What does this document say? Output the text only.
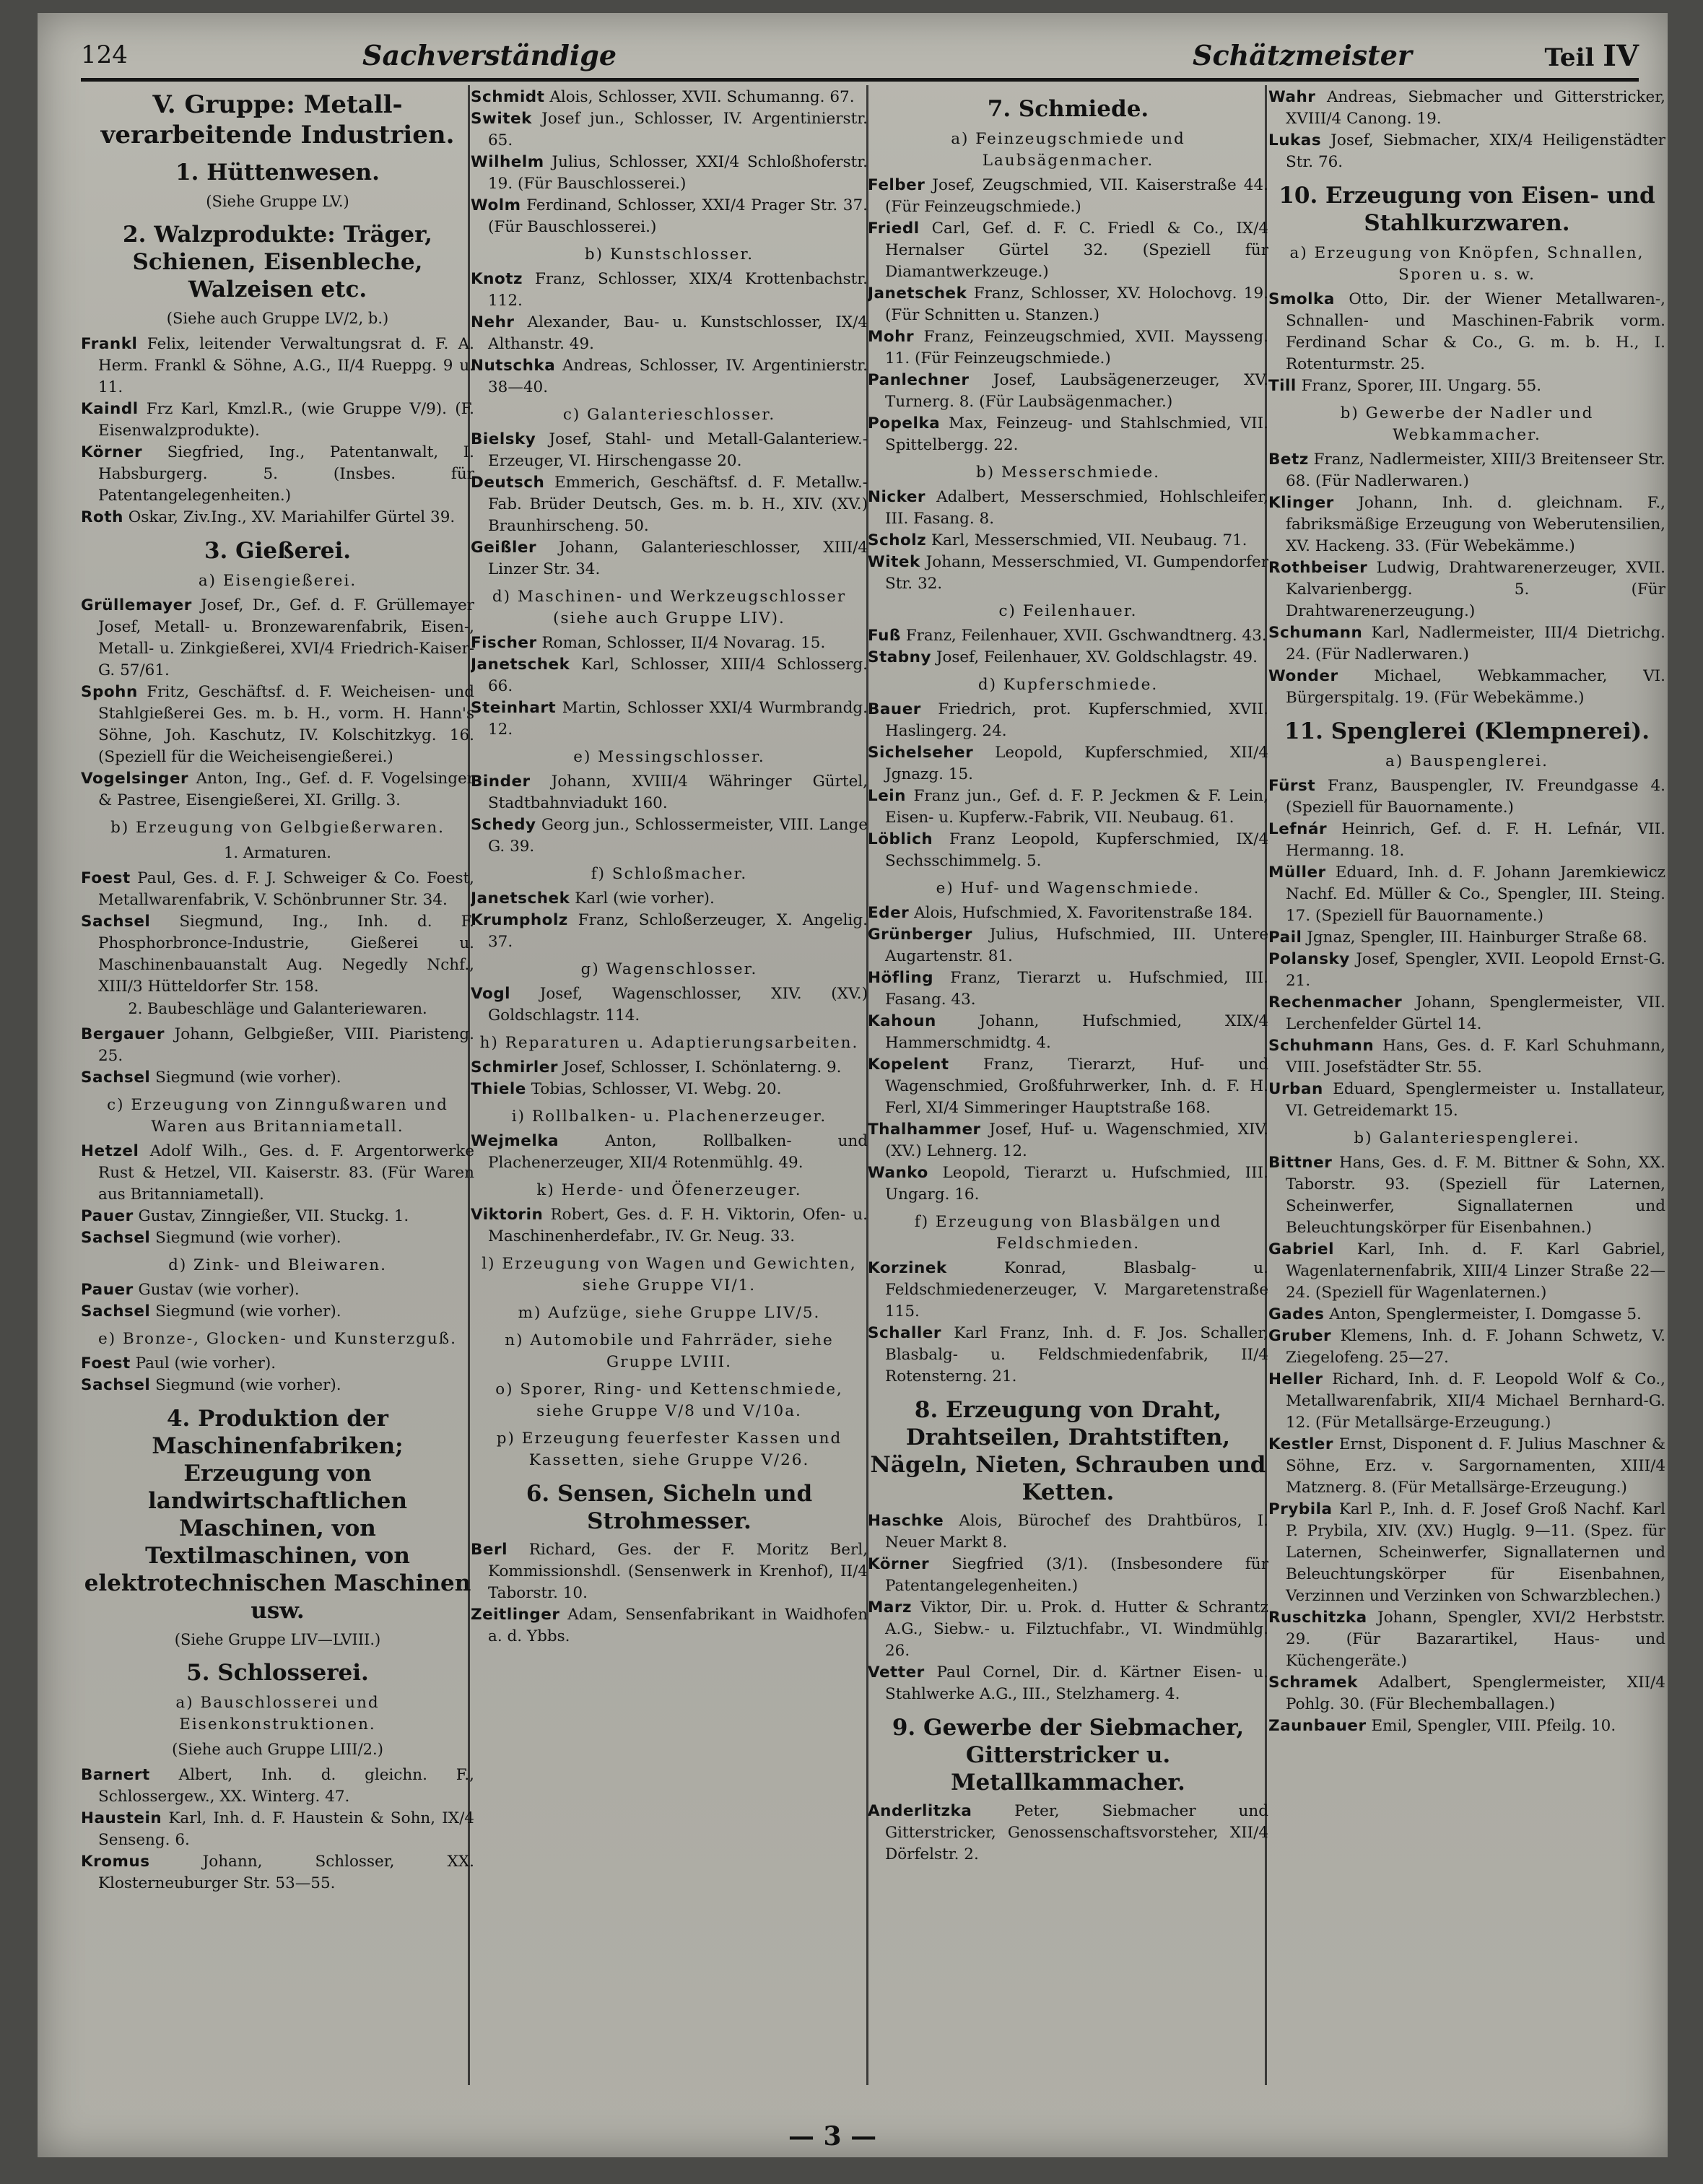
124	Sachverständige	Schätzmeister	Teil IV
V. Gruppe: Metall-verarbeitende Industrien.
1. Hüttenwesen.
(Siehe Gruppe LV.)
2. Walzprodukte: Träger, Schienen, Eisenbleche, Walzeisen etc.
(Siehe auch Gruppe LV/2, b.)
Frankl Felix, leitender Verwaltungsrat d. F. A. Herm. Frankl & Söhne, A.G., II/4 Rueppg. 9 u. 11.
Kaindl Frz Karl, Kmzl.R., (wie Gruppe V/9). (F. Eisenwalzprodukte).
Körner Siegfried, Ing., Patentanwalt, I. Habsburgerg. 5. (Insbes. für Patentangelegenheiten.)
Roth Oskar, Ziv.Ing., XV. Mariahilfer Gürtel 39.
3. Gießerei.
a) Eisengießerei.
Grüllemayer Josef, Dr., Gef. d. F. Grüllemayer Josef, Metall- u. Bronzewarenfabrik, Eisen-, Metall- u. Zinkgießerei, XVI/4 Friedrich-Kaiser-G. 57/61.
Spohn Fritz, Geschäftsf. d. F. Weicheisen- und Stahlgießerei Ges. m. b. H., vorm. H. Hann's Söhne, Joh. Kaschutz, IV. Kolschitzkyg. 16. (Speziell für die Weicheisengießerei.)
Vogelsinger Anton, Ing., Gef. d. F. Vogelsinger & Pastree, Eisengießerei, XI. Grillg. 3.
b) Erzeugung von Gelbgießerwaren.
1. Armaturen.
Foest Paul, Ges. d. F. J. Schweiger & Co. Foest, Metallwarenfabrik, V. Schönbrunner Str. 34.
Sachsel Siegmund, Ing., Inh. d. F. Phosphorbronce-Industrie, Gießerei u. Maschinenbauanstalt Aug. Negedly Nchf., XIII/3 Hütteldorfer Str. 158.
2. Baubeschläge und Galanteriewaren.
Bergauer Johann, Gelbgießer, VIII. Piaristeng. 25.
Sachsel Siegmund (wie vorher).
c) Erzeugung von Zinngußwaren und Waren aus Britanniametall.
Hetzel Adolf Wilh., Ges. d. F. Argentorwerke Rust & Hetzel, VII. Kaiserstr. 83. (Für Waren aus Britanniametall).
Pauer Gustav, Zinngießer, VII. Stuckg. 1.
Sachsel Siegmund (wie vorher).
d) Zink- und Bleiwaren.
Pauer Gustav (wie vorher).
Sachsel Siegmund (wie vorher).
e) Bronze-, Glocken- und Kunsterzguß.
Foest Paul (wie vorher).
Sachsel Siegmund (wie vorher).
4. Produktion der Maschinenfabriken; Erzeugung von landwirtschaftlichen Maschinen, von Textilmaschinen, von elektrotechnischen Maschinen usw.
(Siehe Gruppe LIV—LVIII.)
5. Schlosserei.
a) Bauschlosserei und Eisenkonstruktionen.
(Siehe auch Gruppe LIII/2.)
Barnert Albert, Inh. d. gleichn. F., Schlossergew., XX. Winterg. 47.
Haustein Karl, Inh. d. F. Haustein & Sohn, IX/4 Senseng. 6.
Kromus	Johann, Schlosser, XX. Klosterneuburger Str. 53—55.
Schmidt Alois, Schlosser, XVII. Schumanng. 67.
Switek Josef jun., Schlosser, IV. Argentinierstr. 65.
Wilhelm Julius, Schlosser, XXI/4 Schloßhoferstr. 19. (Für Bauschlosserei.)
Wolm Ferdinand, Schlosser, XXI/4 Prager Str. 37. (Für Bauschlosserei.)
b) Kunstschlosser.
Knotz Franz, Schlosser, XIX/4 Krottenbachstr. 112.
Nehr Alexander, Bau- u. Kunstschlosser, IX/4 Althanstr. 49.
Nutschka Andreas, Schlosser, IV. Argentinierstr. 38—40.
c) Galanterieschlosser.
Bielsky Josef, Stahl- und Metall-Galanteriew.-Erzeuger, VI. Hirschengasse 20.
Deutsch Emmerich, Geschäftsf. d. F. Metallw.-Fab. Brüder Deutsch, Ges. m. b. H., XIV. (XV.) Braunhirscheng. 50.
Geißler Johann, Galanterieschlosser, XIII/4 Linzer Str. 34.
d) Maschinen- und Werkzeugschlosser (siehe auch Gruppe LIV).
Fischer Roman, Schlosser, II/4 Novarag. 15.
Janetschek Karl, Schlosser, XIII/4 Schlosserg. 66.
Steinhart Martin, Schlosser XXI/4 Wurmbrandg. 12.
e) Messingschlosser.
Binder Johann, XVIII/4 Währinger Gürtel, Stadtbahnviadukt 160.
Schedy Georg jun., Schlossermeister, VIII. Lange G. 39.
f) Schloßmacher.
Janetschek Karl (wie vorher).
Krumpholz Franz, Schloßerzeuger, X. Angelig. 37.
g) Wagenschlosser.
Vogl Josef, Wagenschlosser, XIV. (XV.) Goldschlagstr. 114.
h) Reparaturen u. Adaptierungsarbeiten.
Schmirler Josef, Schlosser, I. Schönlaterng. 9.
Thiele Tobias, Schlosser, VI. Webg. 20.
i) Rollbalken- u. Plachenerzeuger.
Wejmelka	Anton, Rollbalken- und Plachenerzeuger, XII/4 Rotenmühlg. 49.
k) Herde- und Öfenerzeuger.
Viktorin Robert, Ges. d. F. H. Viktorin, Ofen- u. Maschinenherdefabr., IV. Gr. Neug. 33.
l) Erzeugung von Wagen und Gewichten, siehe Gruppe VI/1.
m) Aufzüge, siehe Gruppe LIV/5.
n) Automobile und Fahrräder, siehe Gruppe LVIII.
o) Sporer, Ring- und Kettenschmiede, siehe Gruppe V/8 und V/10a.
p) Erzeugung feuerfester Kassen und Kassetten, siehe Gruppe V/26.
6. Sensen, Sicheln und Strohmesser.
Berl Richard, Ges. der F. Moritz Berl, Kommissionshdl. (Sensenwerk in Krenhof), II/4 Taborstr. 10.
Zeitlinger Adam, Sensenfabrikant in Waidhofen a. d. Ybbs.
7. Schmiede.
a) Feinzeugschmiede und Laubsägenmacher.
Felber Josef, Zeugschmied, VII. Kaiserstraße 44. (Für Feinzeugschmiede.)
Friedl Carl, Gef. d. F. C. Friedl & Co., IX/4 Hernalser Gürtel 32. (Speziell für Diamantwerkzeuge.)
Janetschek Franz, Schlosser, XV. Holochovg. 19. (Für Schnitten u. Stanzen.)
Mohr Franz, Feinzeugschmied, XVII. Maysseng. 11. (Für Feinzeugschmiede.)
Panlechner Josef, Laubsägenerzeuger, XV. Turnerg. 8. (Für Laubsägenmacher.)
Popelka Max, Feinzeug- und Stahlschmied, VII. Spittelbergg. 22.
b) Messerschmiede.
Nicker Adalbert, Messerschmied, Hohlschleifer, III. Fasang. 8.
Scholz Karl, Messerschmied, VII. Neubaug. 71.
Witek Johann, Messerschmied, VI. Gumpendorfer Str. 32.
c) Feilenhauer.
Fuß Franz, Feilenhauer, XVII. Gschwandtnerg. 43.
Stabny Josef, Feilenhauer, XV. Goldschlagstr. 49.
d) Kupferschmiede.
Bauer Friedrich, prot. Kupferschmied, XVII. Haslingerg. 24.
Sichelseher Leopold, Kupferschmied, XII/4 Jgnazg. 15.
Lein Franz jun., Gef. d. F. P. Jeckmen & F. Lein, Eisen- u. Kupferw.-Fabrik, VII. Neubaug. 61.
Löblich Franz Leopold, Kupferschmied, IX/4 Sechsschimmelg. 5.
e) Huf- und Wagenschmiede.
Eder Alois, Hufschmied, X. Favoritenstraße 184.
Grünberger Julius, Hufschmied, III. Untere Augartenstr. 81.
Höfling Franz, Tierarzt u. Hufschmied, III. Fasang. 43.
Kahoun	Johann, Hufschmied, XIX/4 Hammerschmidtg. 4.
Kopelent Franz, Tierarzt, Huf- und Wagenschmied, Großfuhrwerker, Inh. d. F. H. Ferl, XI/4 Simmeringer Hauptstraße 168.
Thalhammer Josef, Huf- u. Wagenschmied, XIV. (XV.) Lehnerg. 12.
Wanko Leopold, Tierarzt u. Hufschmied, III. Ungarg. 16.
f) Erzeugung von Blasbälgen und Feldschmieden.
Korzinek	Konrad, Blasbalg- u. Feldschmiedenerzeuger, V. Margaretenstraße 115.
Schaller Karl Franz, Inh. d. F. Jos. Schaller, Blasbalg- u. Feldschmiedenfabrik, II/4 Rotensterng. 21.
8. Erzeugung von Draht, Drahtseilen, Drahtstiften, Nägeln, Nieten, Schrauben und Ketten.
Haschke Alois, Bürochef des Drahtbüros, I. Neuer Markt 8.
Körner Siegfried (3/1). (Insbesondere für Patentangelegenheiten.)
Marz Viktor, Dir. u. Prok. d. Hutter & Schrantz A.G., Siebw.- u. Filztuchfabr., VI. Windmühlg. 26.
Vetter Paul Cornel, Dir. d. Kärtner Eisen- u. Stahlwerke A.G., III., Stelzhamerg. 4.
9. Gewerbe der Siebmacher, Gitterstricker u. Metallkammacher.
Anderlitzka	Peter, Siebmacher und Gitterstricker, Genossenschaftsvorsteher, XII/4 Dörfelstr. 2.
Wahr Andreas, Siebmacher und Gitterstricker, XVIII/4 Canong. 19.
Lukas Josef, Siebmacher, XIX/4 Heiligenstädter Str. 76.
10. Erzeugung von Eisen- und Stahlkurzwaren.
a) Erzeugung von Knöpfen, Schnallen, Sporen u. s. w.
Smolka Otto, Dir. der Wiener Metallwaren-, Schnallen- und Maschinen-Fabrik vorm. Ferdinand Schar & Co., G. m. b. H., I. Rotenturmstr. 25.
Till Franz, Sporer, III. Ungarg. 55.
b) Gewerbe der Nadler und Webkammacher.
Betz Franz, Nadlermeister, XIII/3 Breitenseer Str. 68. (Für Nadlerwaren.)
Klinger Johann, Inh. d. gleichnam. F., fabriksmäßige Erzeugung von Weberutensilien, XV. Hackeng. 33. (Für Webekämme.)
Rothbeiser Ludwig, Drahtwarenerzeuger, XVII. Kalvarienbergg. 5. (Für Drahtwarenerzeugung.)
Schumann Karl, Nadlermeister, III/4 Dietrichg. 24. (Für Nadlerwaren.)
Wonder Michael, Webkammacher, VI. Bürgerspitalg. 19. (Für Webekämme.)
11. Spenglerei (Klempnerei).
a) Bauspenglerei.
Fürst Franz, Bauspengler, IV. Freundgasse 4. (Speziell für Bauornamente.)
Lefnár Heinrich, Gef. d. F. H. Lefnár, VII. Hermanng. 18.
Müller Eduard, Inh. d. F. Johann Jaremkiewicz Nachf. Ed. Müller & Co., Spengler, III. Steing. 17. (Speziell für Bauornamente.)
Pail Jgnaz, Spengler, III. Hainburger Straße 68.
Polansky Josef, Spengler, XVII. Leopold Ernst-G. 21.
Rechenmacher Johann, Spenglermeister, VII. Lerchenfelder Gürtel 14.
Schuhmann Hans, Ges. d. F. Karl Schuhmann, VIII. Josefstädter Str. 55.
Urban Eduard, Spenglermeister u. Installateur, VI. Getreidemarkt 15.
b) Galanteriespenglerei.
Bittner Hans, Ges. d. F. M. Bittner & Sohn, XX. Taborstr. 93. (Speziell für Laternen, Scheinwerfer, Signallaternen und Beleuchtungskörper für Eisenbahnen.)
Gabriel Karl, Inh. d. F. Karl Gabriel, Wagenlaternenfabrik, XIII/4 Linzer Straße 22—24. (Speziell für Wagenlaternen.)
Gades Anton, Spenglermeister, I. Domgasse 5.
Gruber Klemens, Inh. d. F. Johann Schwetz, V. Ziegelofeng. 25—27.
Heller Richard, Inh. d. F. Leopold Wolf & Co., Metallwarenfabrik, XII/4 Michael Bernhard-G. 12. (Für Metallsärge-Erzeugung.)
Kestler Ernst, Disponent d. F. Julius Maschner & Söhne, Erz. v. Sargornamenten, XIII/4 Matznerg. 8. (Für Metallsärge-Erzeugung.)
Prybila Karl P., Inh. d. F. Josef Groß Nachf. Karl P. Prybila, XIV. (XV.) Huglg. 9—11. (Spez. für Laternen, Scheinwerfer, Signallaternen und Beleuchtungskörper für Eisenbahnen, Verzinnen und Verzinken von Schwarzblechen.)
Ruschitzka Johann, Spengler, XVI/2 Herbststr. 29. (Für Bazarartikel, Haus- und Küchengeräte.)
Schramek Adalbert, Spenglermeister, XII/4 Pohlg. 30. (Für Blechemballagen.)
Zaunbauer Emil, Spengler, VIII. Pfeilg. 10.
— 3 —
